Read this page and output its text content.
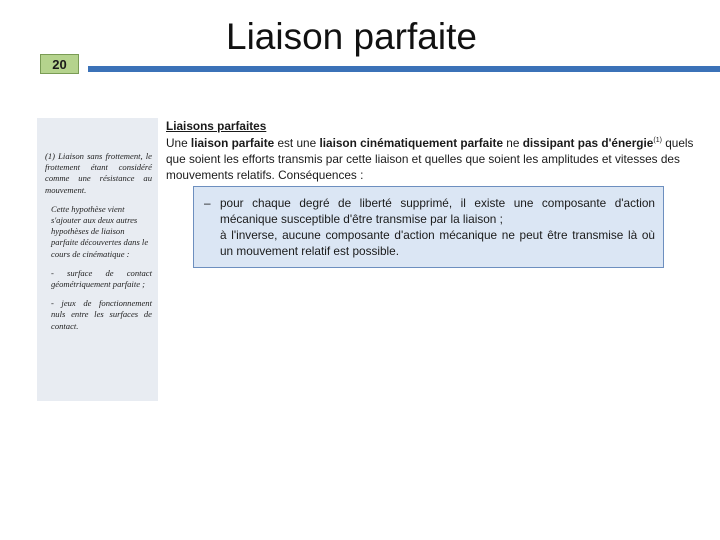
20
Liaison parfaite

(1) Liaison sans frottement, le frottement étant considéré comme une résistance au mouvement.

Cette hypothèse vient s'ajouter aux deux autres hypothèses de liaison parfaite découvertes dans le cours de cinématique :

- surface de contact géométriquement parfaite ;

- jeux de fonctionnement nuls entre les surfaces de contact.

Liaisons parfaites
Une liaison parfaite est une liaison cinématiquement parfaite ne dissipant pas d'énergie$^{(1)}$ quels que soient les efforts transmis par cette liaison et quelles que soient les amplitudes et vitesses des mouvements relatifs. Conséquences :
– pour chaque degré de liberté supprimé, il existe une composante d'action mécanique susceptible d'être transmise par la liaison ;
à l'inverse, aucune composante d'action mécanique ne peut être transmise là où un mouvement relatif est possible.
